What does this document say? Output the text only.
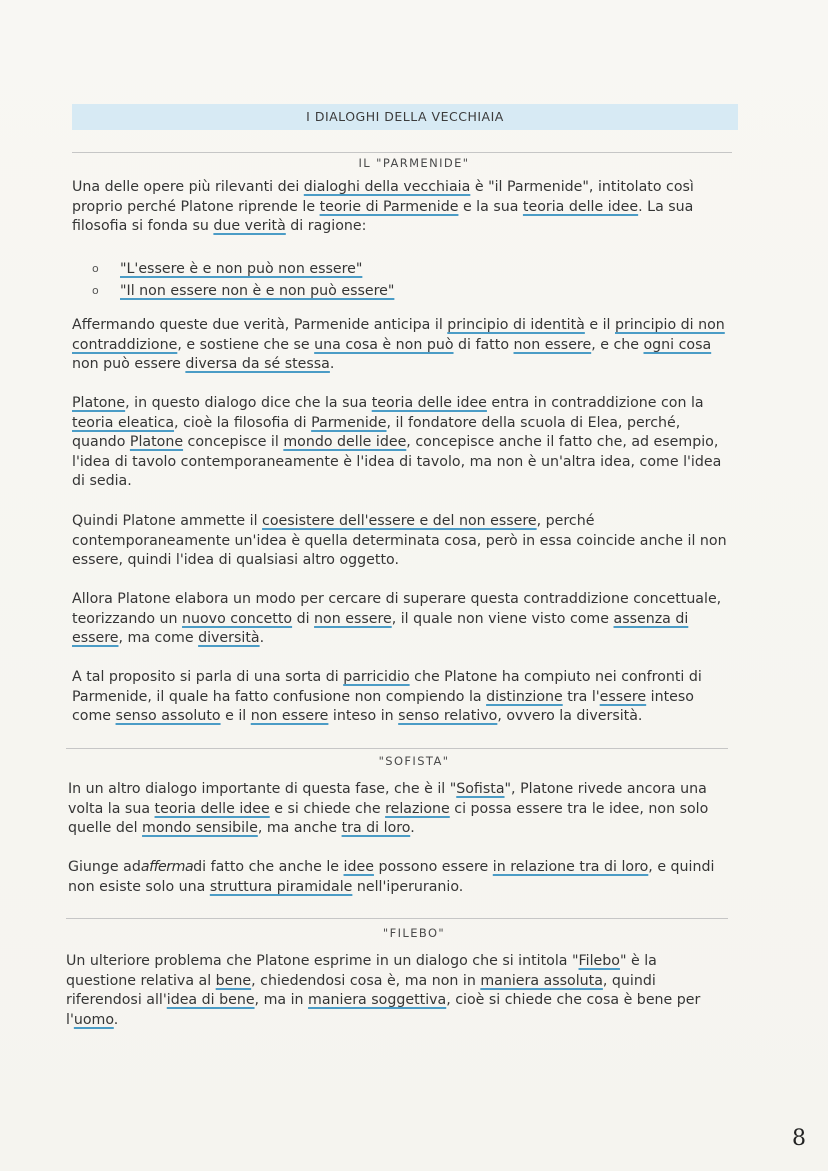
I DIALOGHI DELLA VECCHIAIA
IL "PARMENIDE"
Una delle opere più rilevanti dei dialoghi della vecchiaia è "il Parmenide", intitolato così proprio perché Platone riprende le teorie di Parmenide e la sua teoria delle idee. La sua filosofia si fonda su due verità di ragione:
o	"L'essere è e non può non essere"
o	"Il non essere non è e non può essere"
Affermando queste due verità, Parmenide anticipa il principio di identità e il principio di non contraddizione, e sostiene che se una cosa è non può di fatto non essere, e che ogni cosa non può essere diversa da sé stessa.
Platone, in questo dialogo dice che la sua teoria delle idee entra in contraddizione con la teoria eleatica, cioè la filosofia di Parmenide, il fondatore della scuola di Elea, perché, quando Platone concepisce il mondo delle idee, concepisce anche il fatto che, ad esempio, l'idea di tavolo contemporaneamente è l'idea di tavolo, ma non è un'altra idea, come l'idea di sedia.
Quindi Platone ammette il coesistere dell'essere e del non essere, perché contemporaneamente un'idea è quella determinata cosa, però in essa coincide anche il non essere, quindi l'idea di qualsiasi altro oggetto.
Allora Platone elabora un modo per cercare di superare questa contraddizione concettuale, teorizzando un nuovo concetto di non essere, il quale non viene visto come assenza di essere, ma come diversità.
A tal proposito si parla di una sorta di parricidio che Platone ha compiuto nei confronti di Parmenide, il quale ha fatto confusione non compiendo la distinzione tra l'essere inteso come senso assoluto e il non essere inteso in senso relativo, ovvero la diversità.
"SOFISTA"
In un altro dialogo importante di questa fase, che è il "Sofista", Platone rivede ancora una volta la sua teoria delle idee e si chiede che relazione ci possa essere tra le idee, non solo quelle del mondo sensibile, ma anche tra di loro.
Giunge adaffermadi fatto che anche le idee possono essere in relazione tra di loro, e quindi non esiste solo una struttura piramidale nell'iperuranio.
"FILEBO"
Un ulteriore problema che Platone esprime in un dialogo che si intitola "Filebo" è la questione relativa al bene, chiedendosi cosa è, ma non in maniera assoluta, quindi riferendosi all'idea di bene, ma in maniera soggettiva, cioè si chiede che cosa è bene per l'uomo.
8
